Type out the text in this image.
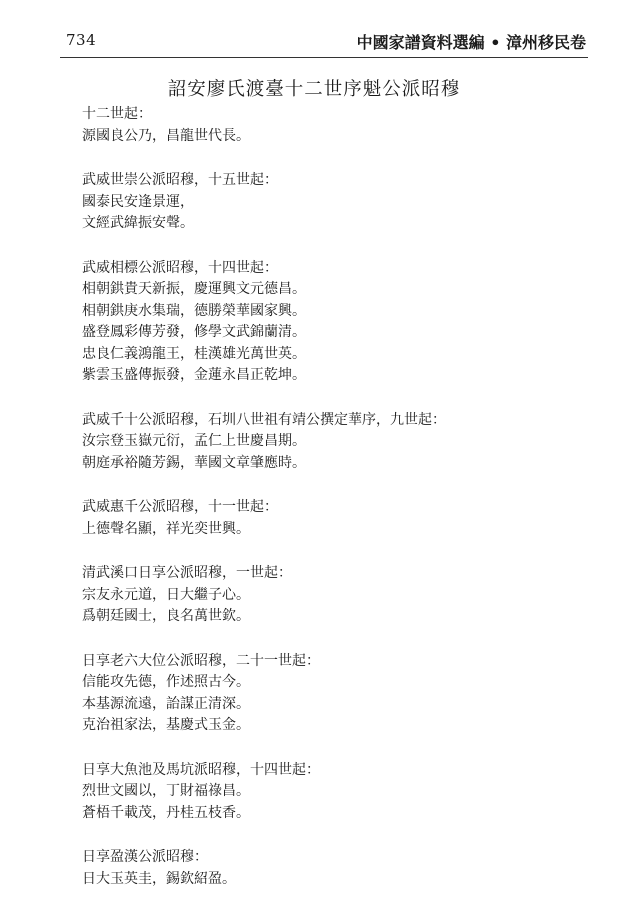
734	中國家譜資料選編 • 漳州移民卷
詔安廖氏渡臺十二世序魁公派昭穆
十二世起：
源國良公乃，昌龍世代長。
武威世崇公派昭穆，十五世起：
國泰民安逢景運，
文經武緯振安聲。
武威相標公派昭穆，十四世起：
相朝鉷貴天新振，慶運興文元德昌。
相朝鉷庚水集瑞，德勝榮華國家興。
盛登鳳彩傳芳發，修學文武錦蘭清。
忠良仁義鴻龍王，桂漢雄光萬世英。
紫雲玉盛傳振發，金蓮永昌正乾坤。
武威千十公派昭穆，石圳八世祖有靖公撰定華序，九世起：
汝宗登玉嶽元衍，孟仁上世慶昌期。
朝庭承裕隨芳錫，華國文章肇應時。
武威惠千公派昭穆，十一世起：
上德聲名顯，祥光奕世興。
清武溪口日享公派昭穆，一世起：
宗友永元道，日大繼子心。
爲朝廷國士，良名萬世欽。
日享老六大位公派昭穆，二十一世起：
信能攻先德，作述照古今。
本基源流遠，詒謀正清深。
克治祖家法，基慶式玉金。
日享大魚池及馬坑派昭穆，十四世起：
烈世文國以，丁財福祿昌。
蒼梧千載茂，丹桂五枝香。
日享盈漢公派昭穆：
日大玉英圭，錫欽紹盈。
